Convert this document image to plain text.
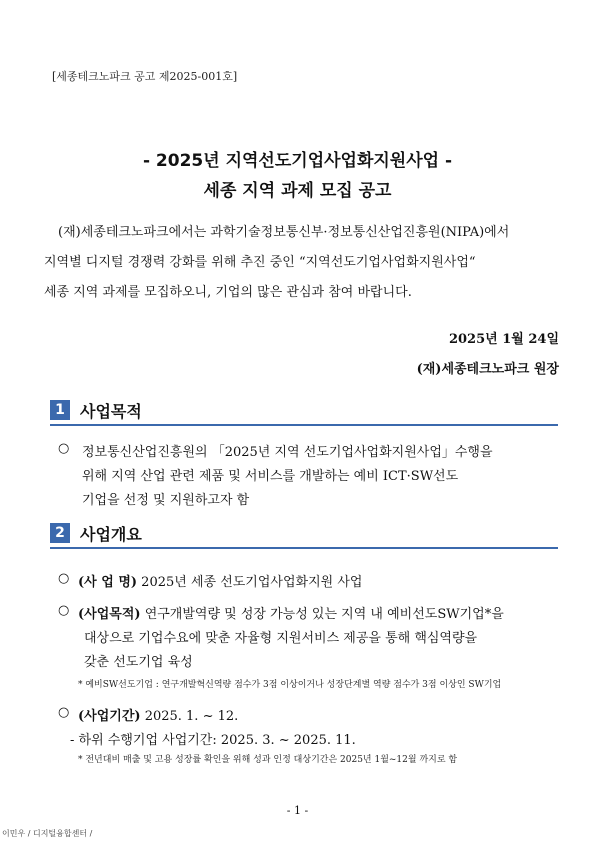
[세종테크노파크 공고 제2025-001호]
- 2025년 지역선도기업사업화지원사업 -
세종 지역 과제 모집 공고
(재)세종테크노파크에서는 과학기술정보통신부·정보통신산업진흥원(NIPA)에서
지역별 디지털 경쟁력 강화를 위해 추진 중인 “지역선도기업사업화지원사업“
세종 지역 과제를 모집하오니, 기업의 많은 관심과 참여 바랍니다.
2025년 1월 24일
(재)세종테크노파크 원장
1 사업목적
○ 정보통신산업진흥원의 「2025년 지역 선도기업사업화지원사업」수행을
위해 지역 산업 관련 제품 및 서비스를 개발하는 예비 ICT·SW선도
기업을 선정 및 지원하고자 함
2 사업개요
○ (사 업 명) 2025년 세종 선도기업사업화지원 사업
○ (사업목적) 연구개발역량 및 성장 가능성 있는 지역 내 예비선도SW기업*을
대상으로 기업수요에 맞춘 자율형 지원서비스 제공을 통해 핵심역량을
갖춘 선도기업 육성
* 예비SW선도기업 : 연구개발혁신역량 점수가 3점 이상이거나 성장단계별 역량 점수가 3점 이상인 SW기업
○ (사업기간) 2025. 1. ~ 12.
- 하위 수행기업 사업기간: 2025. 3. ~ 2025. 11.
* 전년대비 매출 및 고용 성장률 확인을 위해 성과 인정 대상기간은 2025년 1월~12월 까지로 함
- 1 -
이민우 / 디지털융합센터 /
